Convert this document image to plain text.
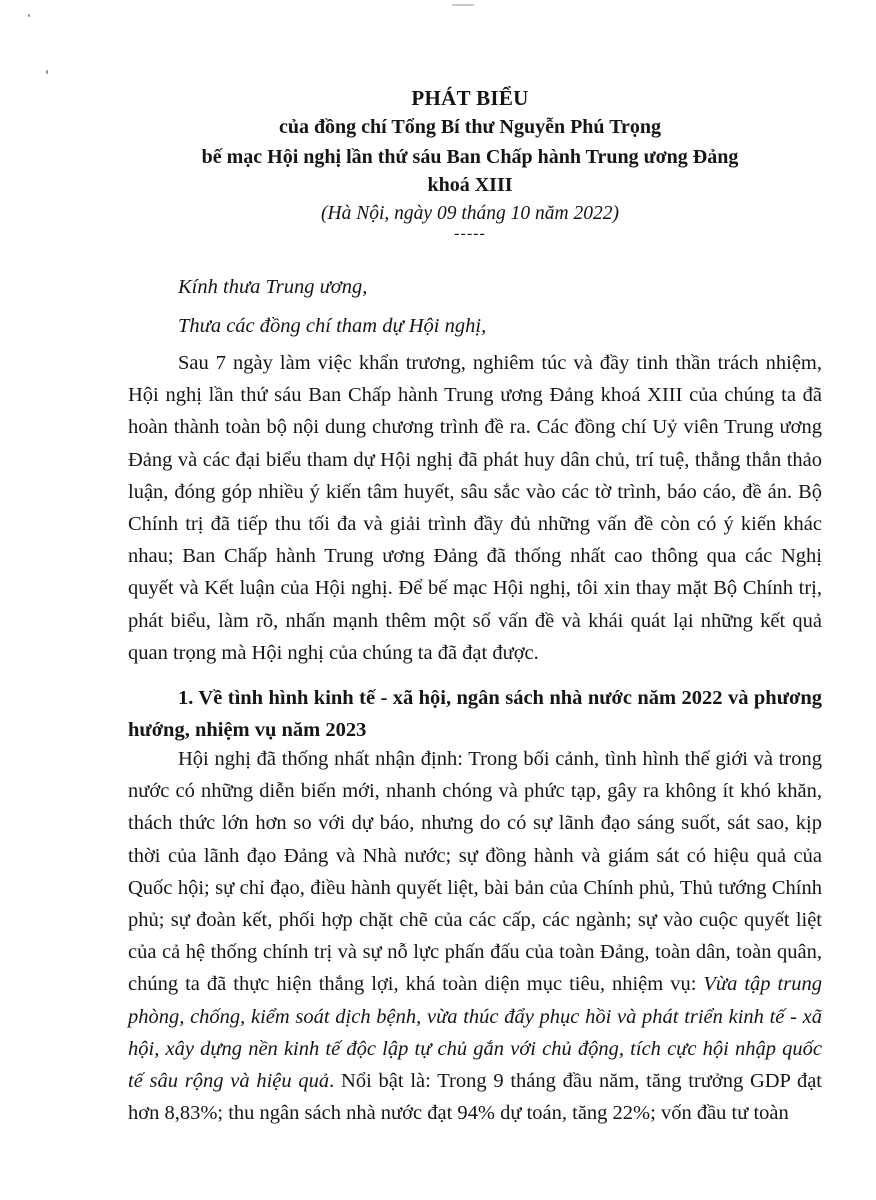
PHÁT BIỂU
của đồng chí Tổng Bí thư Nguyễn Phú Trọng
bế mạc Hội nghị lần thứ sáu Ban Chấp hành Trung ương Đảng
khoá XIII
(Hà Nội, ngày 09 tháng 10 năm 2022)
-----
Kính thưa Trung ương,
Thưa các đồng chí tham dự Hội nghị,
Sau 7 ngày làm việc khẩn trương, nghiêm túc và đầy tinh thần trách nhiệm, Hội nghị lần thứ sáu Ban Chấp hành Trung ương Đảng khoá XIII của chúng ta đã hoàn thành toàn bộ nội dung chương trình đề ra. Các đồng chí Uỷ viên Trung ương Đảng và các đại biểu tham dự Hội nghị đã phát huy dân chủ, trí tuệ, thẳng thắn thảo luận, đóng góp nhiều ý kiến tâm huyết, sâu sắc vào các tờ trình, báo cáo, đề án. Bộ Chính trị đã tiếp thu tối đa và giải trình đầy đủ những vấn đề còn có ý kiến khác nhau; Ban Chấp hành Trung ương Đảng đã thống nhất cao thông qua các Nghị quyết và Kết luận của Hội nghị. Để bế mạc Hội nghị, tôi xin thay mặt Bộ Chính trị, phát biểu, làm rõ, nhấn mạnh thêm một số vấn đề và khái quát lại những kết quả quan trọng mà Hội nghị của chúng ta đã đạt được.
1. Về tình hình kinh tế - xã hội, ngân sách nhà nước năm 2022 và phương hướng, nhiệm vụ năm 2023
Hội nghị đã thống nhất nhận định: Trong bối cảnh, tình hình thế giới và trong nước có những diễn biến mới, nhanh chóng và phức tạp, gây ra không ít khó khăn, thách thức lớn hơn so với dự báo, nhưng do có sự lãnh đạo sáng suốt, sát sao, kịp thời của lãnh đạo Đảng và Nhà nước; sự đồng hành và giám sát có hiệu quả của Quốc hội; sự chỉ đạo, điều hành quyết liệt, bài bản của Chính phủ, Thủ tướng Chính phủ; sự đoàn kết, phối hợp chặt chẽ của các cấp, các ngành; sự vào cuộc quyết liệt của cả hệ thống chính trị và sự nỗ lực phấn đấu của toàn Đảng, toàn dân, toàn quân, chúng ta đã thực hiện thắng lợi, khá toàn diện mục tiêu, nhiệm vụ: Vừa tập trung phòng, chống, kiểm soát dịch bệnh, vừa thúc đẩy phục hồi và phát triển kinh tế - xã hội, xây dựng nền kinh tế độc lập tự chủ gắn với chủ động, tích cực hội nhập quốc tế sâu rộng và hiệu quả. Nổi bật là: Trong 9 tháng đầu năm, tăng trưởng GDP đạt hơn 8,83%; thu ngân sách nhà nước đạt 94% dự toán, tăng 22%; vốn đầu tư toàn
